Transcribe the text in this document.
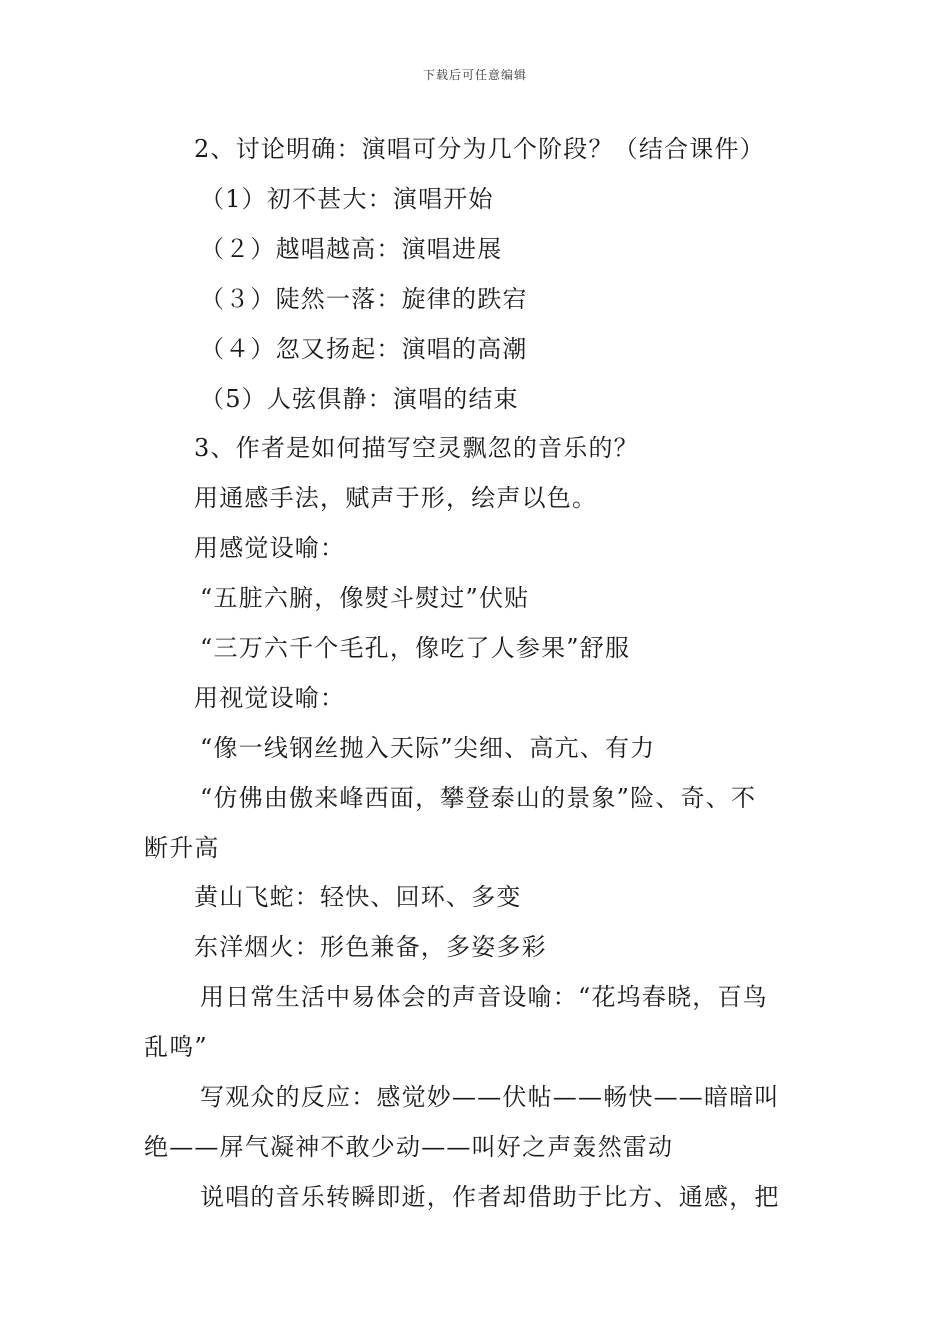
下载后可任意编辑
2、讨论明确：演唱可分为几个阶段？（结合课件）
（1）初不甚大：演唱开始
（２）越唱越高：演唱进展
（３）陡然一落：旋律的跌宕
（４）忽又扬起：演唱的高潮
（5）人弦俱静：演唱的结束
3、作者是如何描写空灵飘忽的音乐的？
用通感手法，赋声于形，绘声以色。
用感觉设喻：
“五脏六腑，像熨斗熨过”伏贴
“三万六千个毛孔，像吃了人参果”舒服
用视觉设喻：
“像一线钢丝抛入天际”尖细、高亢、有力
“仿佛由傲来峰西面，攀登泰山的景象”险、奇、不
断升高
黄山飞蛇：轻快、回环、多变
东洋烟火：形色兼备，多姿多彩
用日常生活中易体会的声音设喻：“花坞春晓，百鸟
乱鸣”
写观众的反应：感觉妙——伏帖——畅快——暗暗叫
绝——屏气凝神不敢少动——叫好之声轰然雷动
说唱的音乐转瞬即逝，作者却借助于比方、通感，把
